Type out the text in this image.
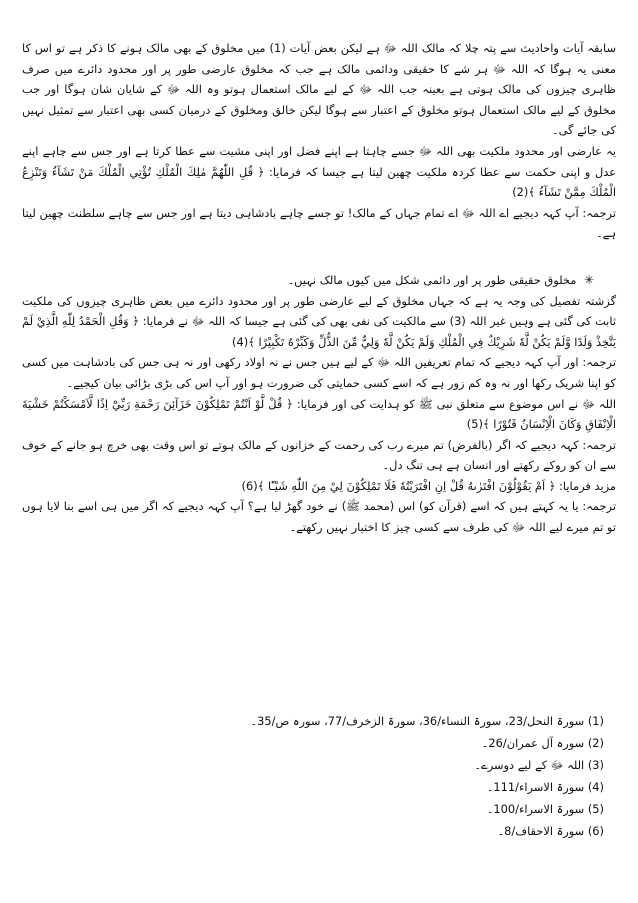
سابقہ آیات واحادیث سے پتہ چلا کہ مالک اللہ ﷻ ہے لیکن بعض آیات (1) میں مخلوق کے بھی مالک ہونے کا ذکر ہے تو اس کا معنی یہ ہوگا کہ اللہ ﷻ ہر شے کا حقیقی ودائمی مالک ہے جب کہ مخلوق عارضی طور پر اور محدود دائرے میں صرف ظاہری چیزوں کی مالک ہوتی ہے بعینہ جب اللہ ﷻ کے لیے مالک استعمال ہوتو وہ اللہ ﷻ کے شایان شان ہوگا اور جب مخلوق کے لیے مالک استعمال ہوتو مخلوق کے اعتبار سے ہوگا لیکن خالق ومخلوق کے درمیان کسی بھی اعتبار سے تمثیل نہیں کی جائے گی۔

یہ عارضی اور محدود ملکیت بھی اللہ ﷻ جسے چاہتا ہے اپنے فضل اور اپنی مشیت سے عطا کرتا ہے اور جس سے چاہے اپنے عدل و اپنی حکمت سے عطا کردہ ملکیت چھین لیتا ہے جیسا کہ فرمایا: ﴿ قُلِ اللّٰهُمَّ مٰلِكَ الْمُلْكِ تُؤْتِي الْمُلْكَ مَنْ تَشَآءُ وَتَنْزِعُ الْمُلْكَ مِمَّنْ تَشَآءُ ﴾(2)

ترجمہ: آپ کہہ دیجیے اے اللہ ﷻ اے تمام جہاں کے مالک! تو جسے چاہے بادشاہی دیتا ہے اور جس سے چاہے سلطنت چھین لیتا ہے۔

✳ مخلوق حقیقی طور پر اور دائمی شکل میں کیوں مالک نہیں۔

گزشتہ تفصیل کی وجہ یہ ہے کہ جہاں مخلوق کے لیے عارضی طور پر اور محدود دائرے میں بعض ظاہری چیزوں کی ملکیت ثابت کی گئی ہے وہیں غیر اللہ (3) سے مالکیت کی نفی بھی کی گئی ہے جیسا کہ اللہ ﷻ نے فرمایا: ﴿ وَقُلِ الْحَمْدُ لِلّٰهِ الَّذِيْ لَمْ يَتَّخِذْ وَلَدًا وَّلَمْ يَكُنْ لَّهٗ شَرِيْكٌ فِي الْمُلْكِ وَلَمْ يَكُنْ لَّهٗ وَلِيٌّ مِّنَ الذُّلِّ وَكَبِّرْهُ تَكْبِيْرًا ﴾(4)

ترجمہ: اور آپ کہہ دیجیے کہ تمام تعریفیں اللہ ﷻ کے لیے ہیں جس نے نہ اولاد رکھی اور نہ ہی جس کی بادشاہت میں کسی کو اپنا شریک رکھا اور نہ وہ کم زور ہے کہ اسے کسی حمایتی کی ضرورت ہو اور آپ اس کی بڑی بڑائی بیان کیجیے۔

اللہ ﷻ نے اس موضوع سے متعلق نبی ﷺ کو ہدایت کی اور فرمایا: ﴿ قُلْ لَّوْ اَنْتُمْ تَمْلِكُوْنَ خَزَآئِنَ رَحْمَةِ رَبِّيْٓ اِذًا لَّاَمْسَكْتُمْ خَشْيَةَ الْاِنْفَاقِ وَكَانَ الْاِنْسَانُ قَتُوْرًا ﴾(5)

ترجمہ: کہہ دیجیے کہ اگر (بالفرض) تم میرے رب کی رحمت کے خزانوں کے مالک ہوتے تو اس وقت بھی خرچ ہو جانے کے خوف سے ان کو روکے رکھتے اور انسان ہے ہی تنگ دل۔

مزید فرمایا: ﴿ اَمْ يَقُوْلُوْنَ افْتَرٰىهُ قُلْ اِنِ افْتَرَيْتُهٗ فَلَا تَمْلِكُوْنَ لِيْ مِنَ اللّٰهِ شَيْـًٔا ﴾(6)

ترجمہ: یا یہ کہتے ہیں کہ اسے (قرآن کو) اس (محمد ﷺ) نے خود گھڑ لیا ہے؟ آپ کہہ دیجیے کہ اگر میں ہی اسے بنا لایا ہوں تو تم میرے لیے اللہ ﷻ کی طرف سے کسی چیز کا اختیار نہیں رکھتے۔

(1) سورۃ النحل/23، سورۃ النساء/36، سورۃ الزخرف/77، سورہ ص/35۔

(2) سورہ آل عمران/26۔

(3) اللہ ﷻ کے لیے دوسرے۔

(4) سورۃ الاسراء/111۔

(5) سورۃ الاسراء/100۔

(6) سورۃ الاحقاف/8۔
